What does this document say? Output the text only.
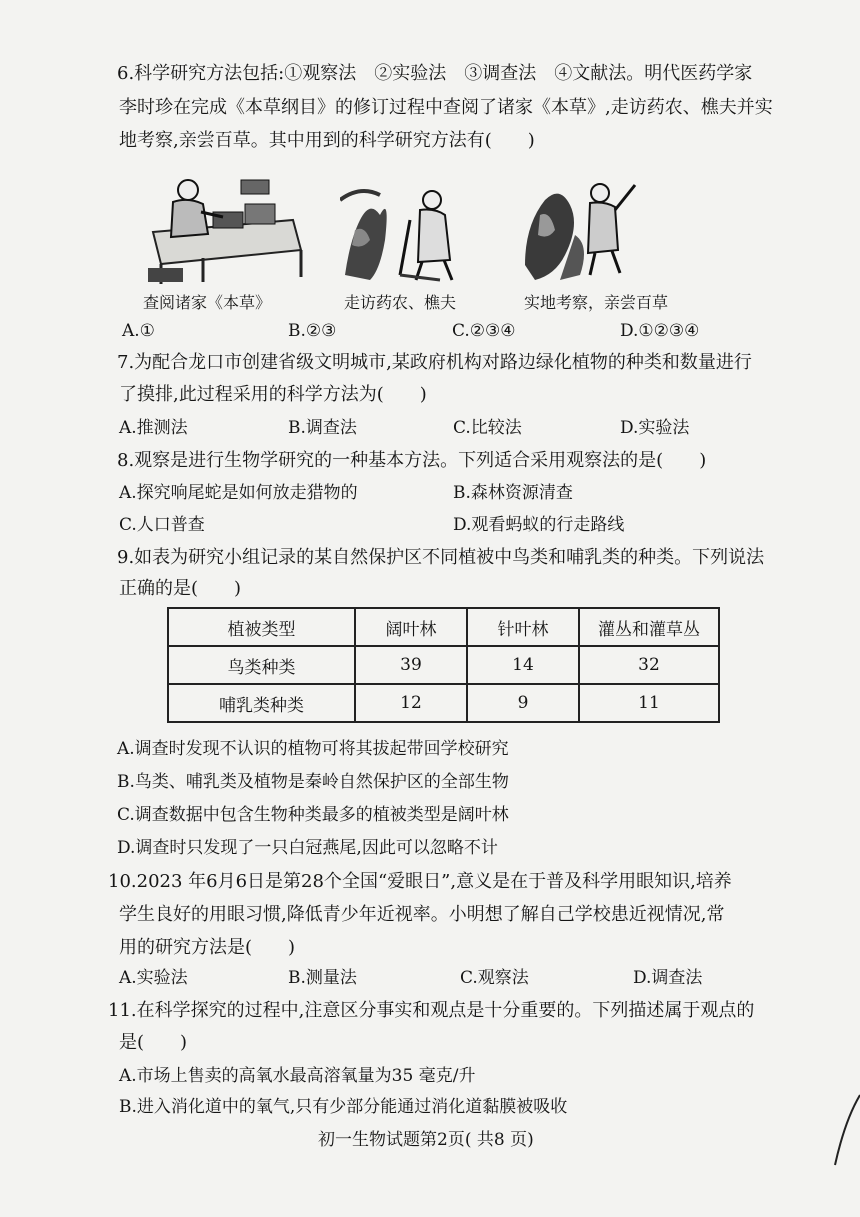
6.科学研究方法包括:①观察法　②实验法　③调查法　④文献法。明代医药学家
李时珍在完成《本草纲目》的修订过程中查阅了诸家《本草》,走访药农、樵夫并实
地考察,亲尝百草。其中用到的科学研究方法有(　　)
查阅诸家《本草》	走访药农、樵夫	实地考察，亲尝百草
A.①	B.②③	C.②③④	D.①②③④
7.为配合龙口市创建省级文明城市,某政府机构对路边绿化植物的种类和数量进行
了摸排,此过程采用的科学方法为(　　)
A.推测法	B.调查法	C.比较法	D.实验法
8.观察是进行生物学研究的一种基本方法。下列适合采用观察法的是(　　)
A.探究响尾蛇是如何放走猎物的	B.森林资源清查
C.人口普查	D.观看蚂蚁的行走路线
9.如表为研究小组记录的某自然保护区不同植被中鸟类和哺乳类的种类。下列说法
正确的是(　　)
植被类型	阔叶林	针叶林	灌丛和灌草丛
鸟类种类	39	14	32
哺乳类种类	12	9	11
A.调查时发现不认识的植物可将其拔起带回学校研究
B.鸟类、哺乳类及植物是秦岭自然保护区的全部生物
C.调查数据中包含生物种类最多的植被类型是阔叶林
D.调查时只发现了一只白冠燕尾,因此可以忽略不计
10.2023 年6月6日是第28个全国“爱眼日”,意义是在于普及科学用眼知识,培养
学生良好的用眼习惯,降低青少年近视率。小明想了解自己学校患近视情况,常
用的研究方法是(　　)
A.实验法	B.测量法	C.观察法	D.调查法
11.在科学探究的过程中,注意区分事实和观点是十分重要的。下列描述属于观点的
是(　　)
A.市场上售卖的高氧水最高溶氧量为35 毫克/升
B.进入消化道中的氧气,只有少部分能通过消化道黏膜被吸收
初一生物试题第2页( 共8 页)
